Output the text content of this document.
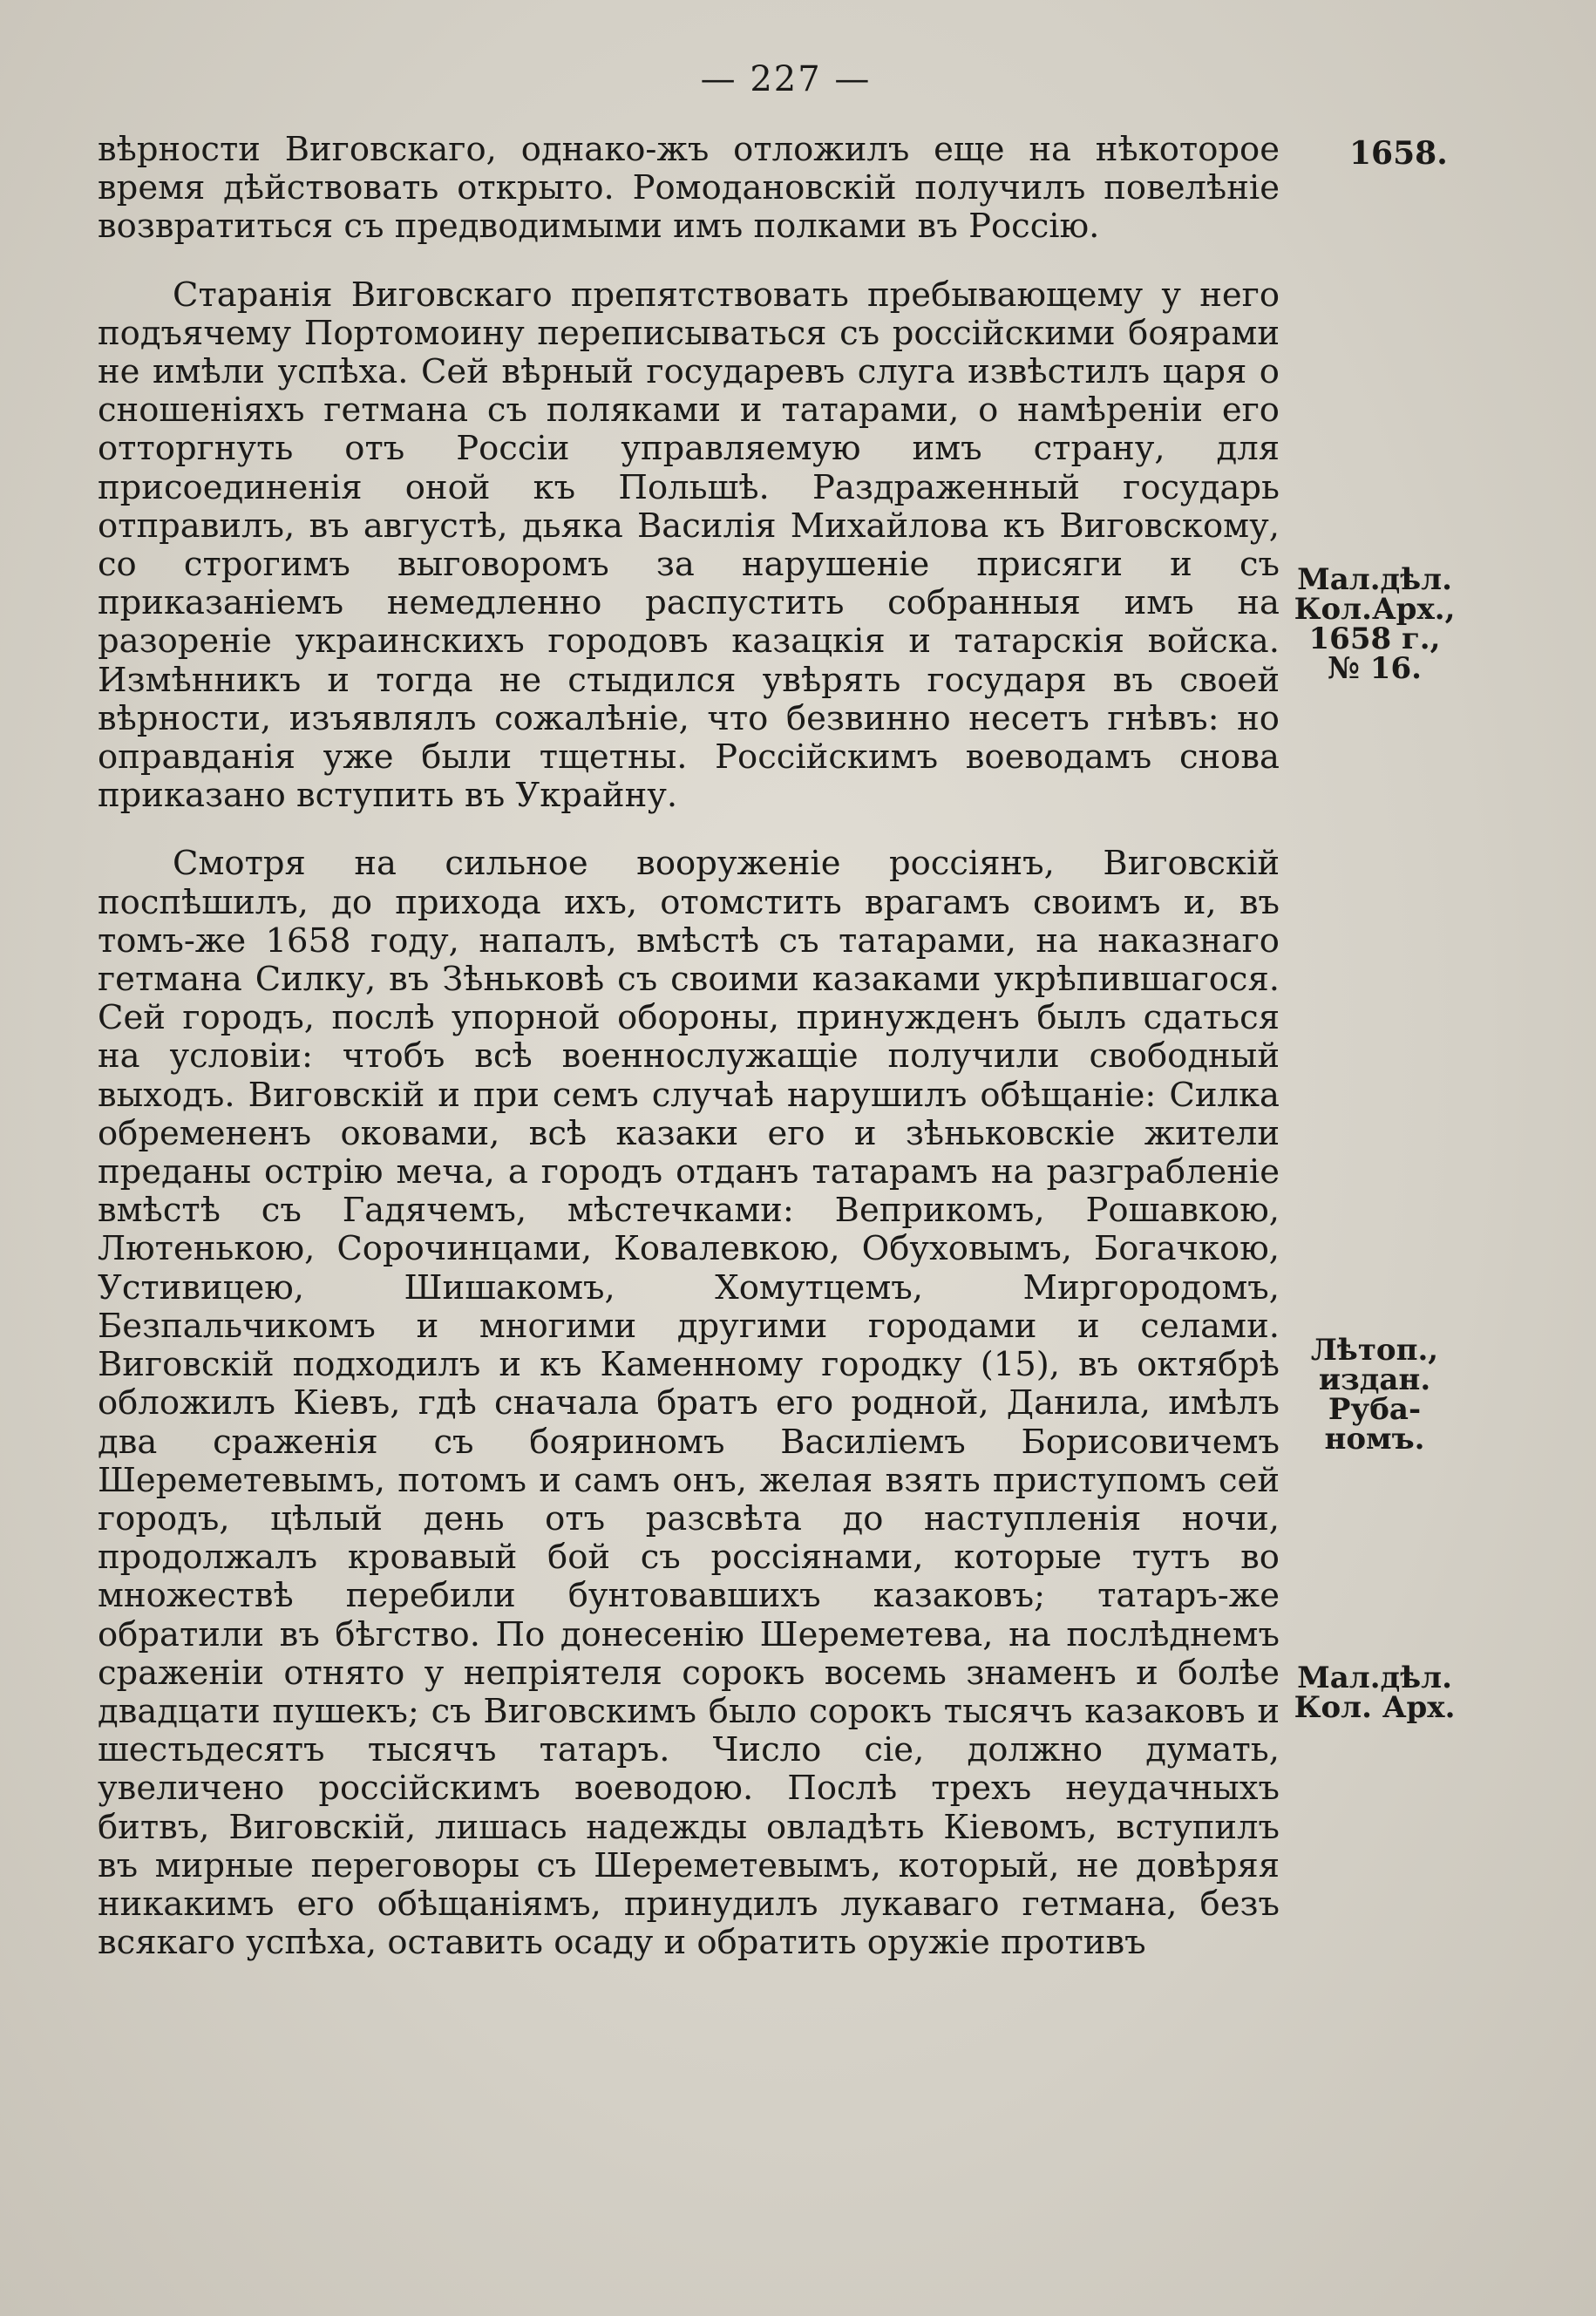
— 227 —
1658.

вѣрности Виговскаго, однако-жъ отложилъ еще на нѣкоторое время дѣйствовать открыто. Ромодановскій получилъ повелѣніе возвратиться съ предводимыми имъ полками въ Россію.

Старанія Виговскаго препятствовать пребывающему у него подъячему Портомоину переписываться съ россійскими боярами не имѣли успѣха. Сей вѣрный государевъ слуга извѣстилъ царя о сношеніяхъ гетмана съ поляками и татарами, о намѣреніи его отторгнуть отъ Россіи управляемую имъ страну, для присоединенія оной къ Польшѣ. Раздраженный государь отправилъ, въ августѣ, дьяка Василія Михайлова къ Виговскому, со строгимъ выговоромъ за нарушеніе присяги и съ приказаніемъ немедленно распустить собранныя имъ на разореніе украинскихъ городовъ казацкія и татарскія войска. Измѣнникъ и тогда не стыдился увѣрять государя въ своей вѣрности, изъявлялъ сожалѣніе, что безвинно несетъ гнѣвъ: но оправданія уже были тщетны. Россійскимъ воеводамъ снова приказано вступить въ Украйну.

Смотря на сильное вооруженіе россіянъ, Виговскій поспѣшилъ, до прихода ихъ, отомстить врагамъ своимъ и, въ томъ-же 1658 году, напалъ, вмѣстѣ съ татарами, на наказнаго гетмана Силку, въ Зѣньковѣ съ своими казаками укрѣпившагося. Сей городъ, послѣ упорной обороны, принужденъ былъ сдаться на условіи: чтобъ всѣ военнослужащіе получили свободный выходъ. Виговскій и при семъ случаѣ нарушилъ обѣщаніе: Силка обремененъ оковами, всѣ казаки его и зѣньковскіе жители преданы острію меча, а городъ отданъ татарамъ на разграбленіе вмѣстѣ съ Гадячемъ, мѣстечками: Веприкомъ, Рошавкою, Лютенькою, Сорочинцами, Ковалевкою, Обуховымъ, Богачкою, Устивицею, Шишакомъ, Хомутцемъ, Миргородомъ, Безпальчикомъ и многими другими городами и селами. Виговскій подходилъ и къ Каменному городку (15), въ октябрѣ обложилъ Кіевъ, гдѣ сначала братъ его родной, Данила, имѣлъ два сраженія съ бояриномъ Василіемъ Борисовичемъ Шереметевымъ, потомъ и самъ онъ, желая взять приступомъ сей городъ, цѣлый день отъ разсвѣта до наступленія ночи, продолжалъ кровавый бой съ россіянами, которые тутъ во множествѣ перебили бунтовавшихъ казаковъ; татаръ-же обратили въ бѣгство. По донесенію Шереметева, на послѣднемъ сраженіи отнято у непріятеля сорокъ восемь знаменъ и болѣе двадцати пушекъ; съ Виговскимъ было сорокъ тысячъ казаковъ и шестьдесятъ тысячъ татаръ. Число сіе, должно думать, увеличено россійскимъ воеводою. Послѣ трехъ неудачныхъ битвъ, Виговскій, лишась надежды овладѣть Кіевомъ, вступилъ въ мирные переговоры съ Шереметевымъ, который, не довѣряя никакимъ его обѣщаніямъ, принудилъ лукаваго гетмана, безъ всякаго успѣха, оставить осаду и обратить оружіе противъ

Мал.дѣл.
Кол.Арх.,
1658 г.,
№ 16.
Лѣтоп.,
издан.
Руба-
номъ.
Мал.дѣл.
Кол. Арх.
